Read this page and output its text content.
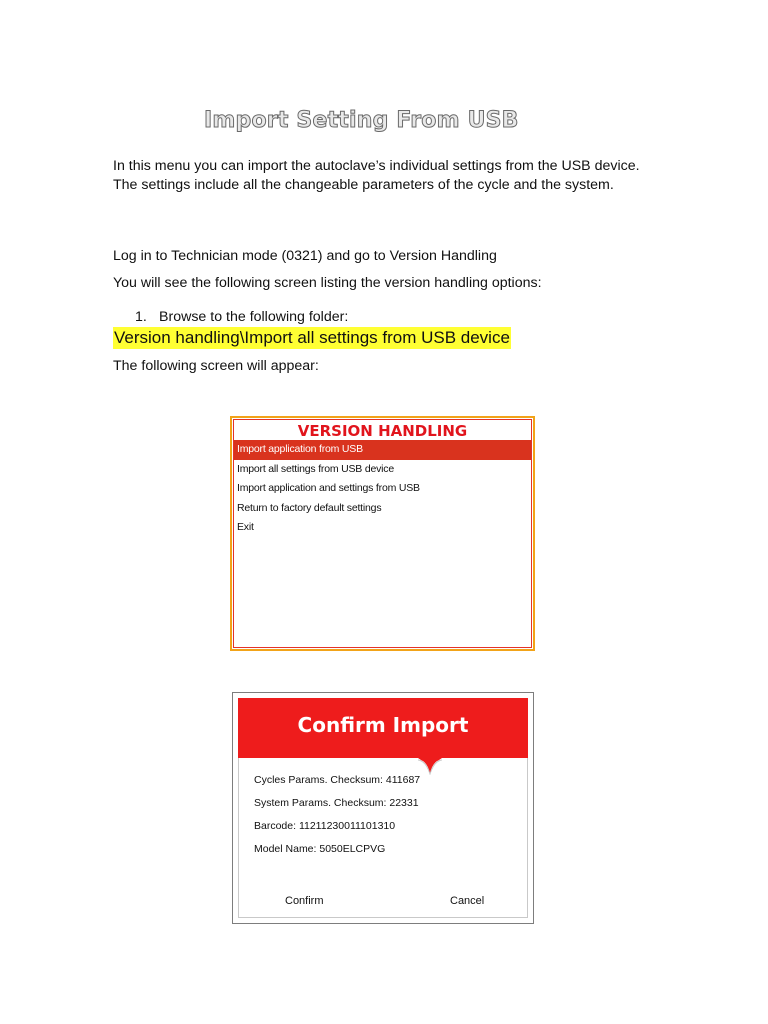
Import Setting From USB
In this menu you can import the autoclave’s individual settings from the USB device. The settings include all the changeable parameters of the cycle and the system.
Log in to Technician mode (0321) and go to Version Handling
You will see the following screen listing the version handling options:
1. Browse to the following folder:
Version handling\Import all settings from USB device
The following screen will appear:
VERSION HANDLING
Import application from USB
Import all settings from USB device
Import application and settings from USB
Return to factory default settings
Exit
Confirm Import
Cycles Params. Checksum: 411687
System Params. Checksum: 22331
Barcode: 11211230011101310
Model Name: 5050ELCPVG
Confirm	Cancel
